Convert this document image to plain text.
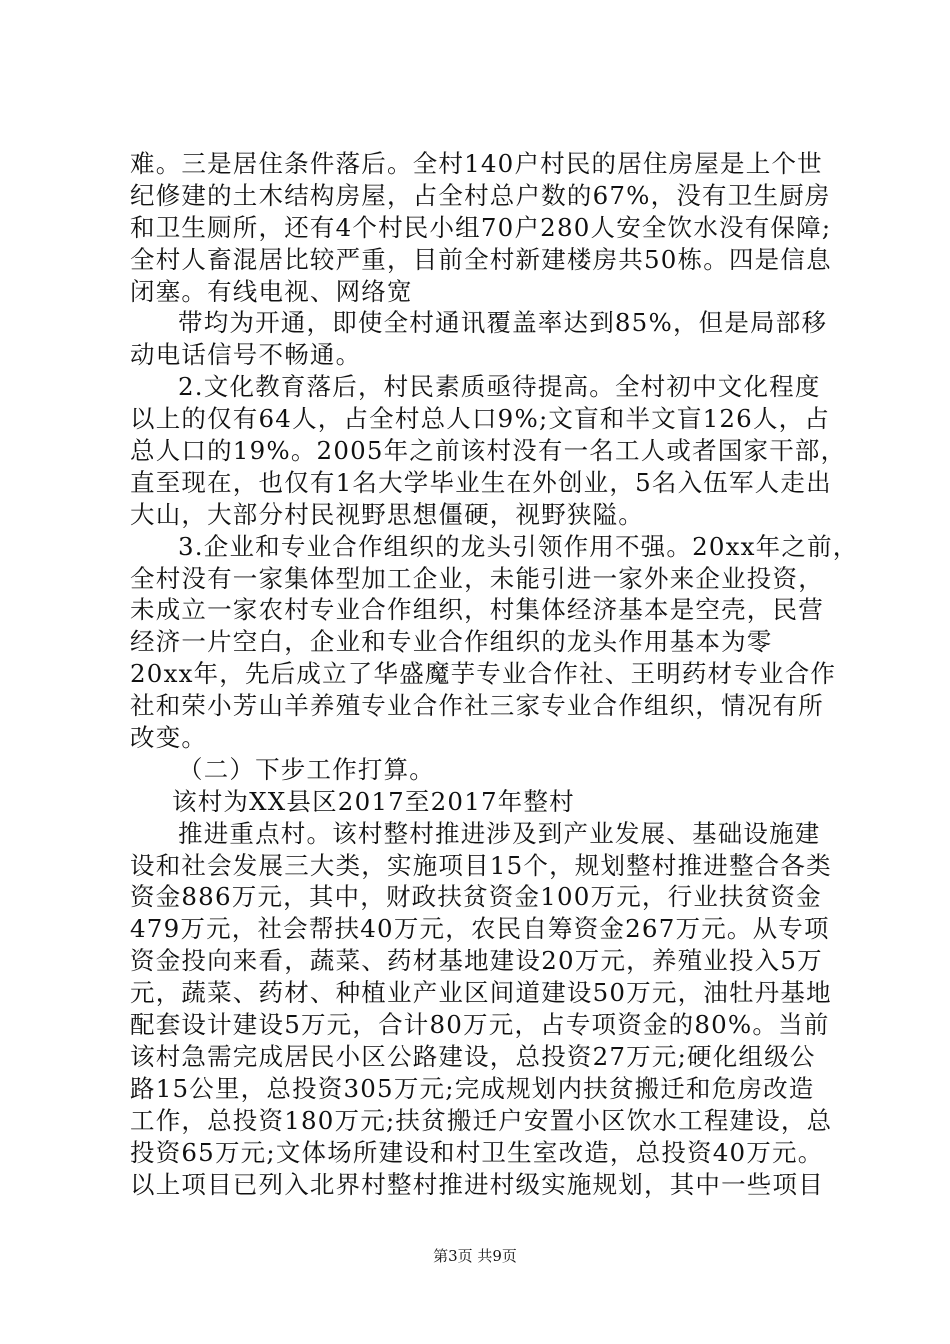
难。三是居住条件落后。全村140户村民的居住房屋是上个世
纪修建的土木结构房屋，占全村总户数的67%，没有卫生厨房
和卫生厕所，还有4个村民小组70户280人安全饮水没有保障;
全村人畜混居比较严重，目前全村新建楼房共50栋。四是信息
闭塞。有线电视、网络宽
带均为开通，即使全村通讯覆盖率达到85%，但是局部移
动电话信号不畅通。
2.文化教育落后，村民素质亟待提高。全村初中文化程度
以上的仅有64人，占全村总人口9%;文盲和半文盲126人，占
总人口的19%。2005年之前该村没有一名工人或者国家干部，
直至现在，也仅有1名大学毕业生在外创业，5名入伍军人走出
大山，大部分村民视野思想僵硬，视野狭隘。
3.企业和专业合作组织的龙头引领作用不强。20xx年之前，
全村没有一家集体型加工企业，未能引进一家外来企业投资，
未成立一家农村专业合作组织，村集体经济基本是空壳，民营
经济一片空白，企业和专业合作组织的龙头作用基本为零
20xx年，先后成立了华盛魔芋专业合作社、王明药材专业合作
社和荣小芳山羊养殖专业合作社三家专业合作组织，情况有所
改变。
（二）下步工作打算。
该村为XX县区2017至2017年整村
推进重点村。该村整村推进涉及到产业发展、基础设施建
设和社会发展三大类，实施项目15个，规划整村推进整合各类
资金886万元，其中，财政扶贫资金100万元，行业扶贫资金
479万元，社会帮扶40万元，农民自筹资金267万元。从专项
资金投向来看，蔬菜、药材基地建设20万元，养殖业投入5万
元，蔬菜、药材、种植业产业区间道建设50万元，油牡丹基地
配套设计建设5万元，合计80万元，占专项资金的80%。当前
该村急需完成居民小区公路建设，总投资27万元;硬化组级公
路15公里，总投资305万元;完成规划内扶贫搬迁和危房改造
工作，总投资180万元;扶贫搬迁户安置小区饮水工程建设，总
投资65万元;文体场所建设和村卫生室改造，总投资40万元。
以上项目已列入北界村整村推进村级实施规划，其中一些项目
第3页 共9页
